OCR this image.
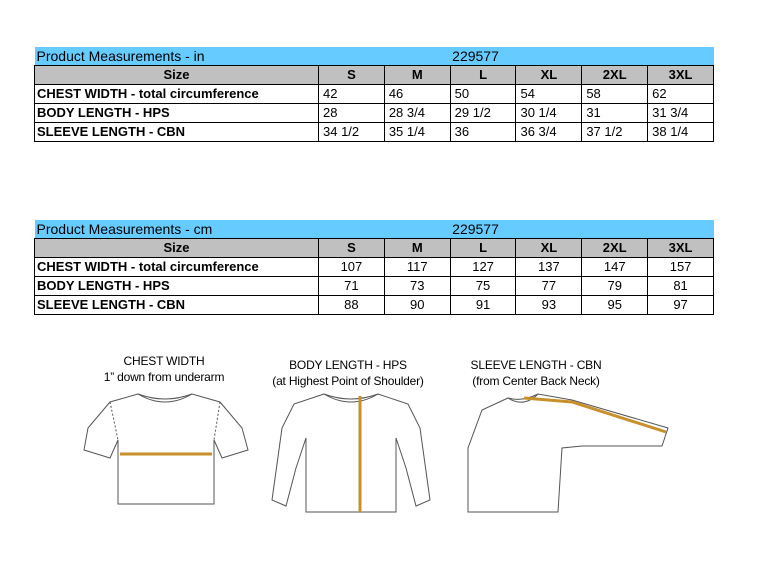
Product Measurements - in			229577			
Size	S	M	L	XL	2XL	3XL
CHEST WIDTH - total circumference	42	46	50	54	58	62
BODY LENGTH - HPS	28	28 3/4	29 1/2	30 1/4	31	31 3/4
SLEEVE LENGTH - CBN	34 1/2	35 1/4	36	36 3/4	37 1/2	38 1/4
Product Measurements - cm			229577			
Size	S	M	L	XL	2XL	3XL
CHEST WIDTH - total circumference	107	117	127	137	147	157
BODY LENGTH - HPS	71	73	75	77	79	81
SLEEVE LENGTH - CBN	88	90	91	93	95	97
CHEST WIDTH
1” down from underarm
BODY LENGTH - HPS
(at Highest Point of Shoulder)
SLEEVE LENGTH - CBN
(from Center Back Neck)
